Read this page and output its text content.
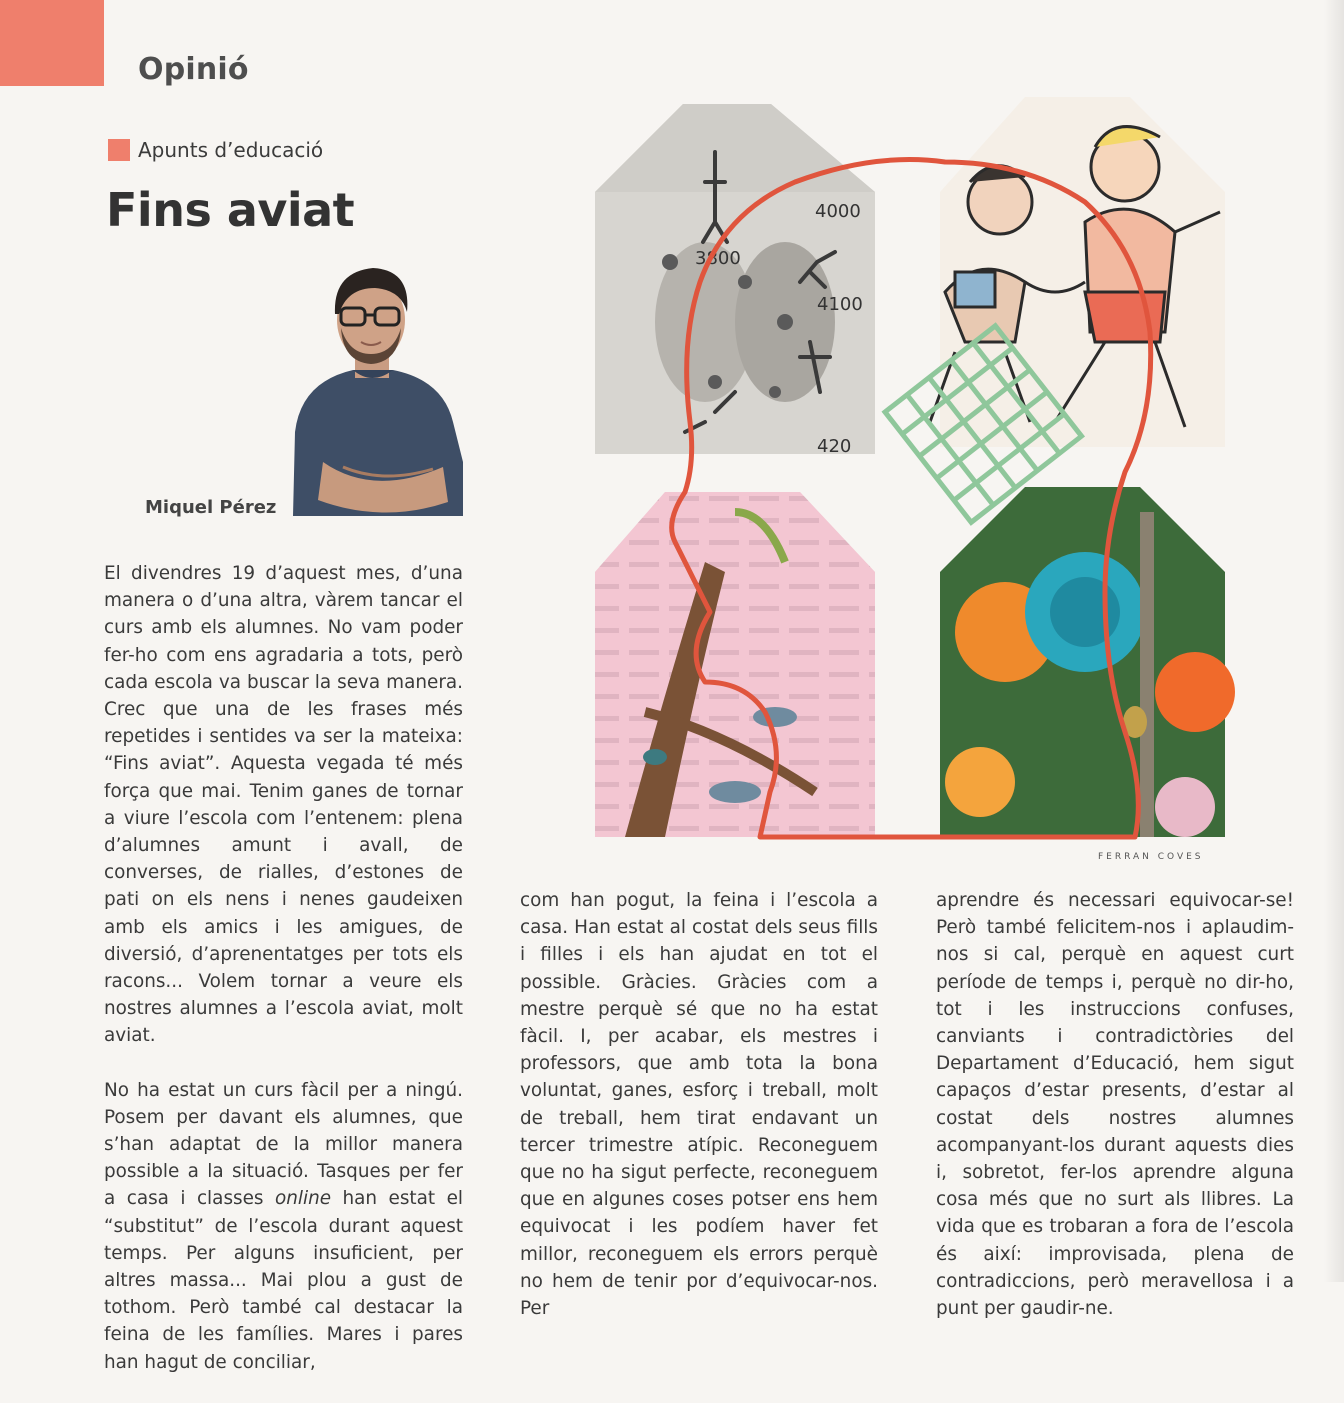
Opinió
Apunts d’educació
Fins aviat
Miquel Pérez

El divendres 19 d’aquest mes, d’una manera o d’una altra, vàrem tancar el curs amb els alumnes. No vam poder fer-ho com ens agradaria a tots, però cada escola va buscar la seva manera. Crec que una de les frases més repetides i sentides va ser la mateixa: “Fins aviat”. Aquesta vegada té més força que mai. Tenim ganes de tornar a viure l’escola com l’entenem: plena d’alumnes amunt i avall, de converses, de rialles, d’estones de pati on els nens i nenes gaudeixen amb els amics i les amigues, de diversió, d’aprenentatges per tots els racons... Volem tornar a veure els nostres alumnes a l’escola aviat, molt aviat.

No ha estat un curs fàcil per a ningú. Posem per davant els alumnes, que s’han adaptat de la millor manera possible a la situació. Tasques per fer a casa i classes online han estat el “substitut” de l’escola durant aquest temps. Per alguns insuficient, per altres massa... Mai plou a gust de tothom. Però també cal destacar la feina de les famílies. Mares i pares han hagut de conciliar,

4000
3800
4100
420
FERRAN COVES

com han pogut, la feina i l’escola a casa. Han estat al costat dels seus fills i filles i els han ajudat en tot el possible. Gràcies. Gràcies com a mestre perquè sé que no ha estat fàcil. I, per acabar, els mestres i professors, que amb tota la bona voluntat, ganes, esforç i treball, molt de treball, hem tirat endavant un tercer trimestre atípic. Reconeguem que no ha sigut perfecte, reconeguem que en algunes coses potser ens hem equivocat i les podíem haver fet millor, reconeguem els errors perquè no hem de tenir por d’equivocar-nos. Per

aprendre és necessari equivocar-se! Però també felicitem-nos i aplaudim-nos si cal, perquè en aquest curt període de temps i, perquè no dir-ho, tot i les instruccions confuses, canviants i contradictòries del Departament d’Educació, hem sigut capaços d’estar presents, d’estar al costat dels nostres alumnes acompanyant-los durant aquests dies i, sobretot, fer-los aprendre alguna cosa més que no surt als llibres. La vida que es trobaran a fora de l’escola és així: improvisada, plena de contradiccions, però meravellosa i a punt per gaudir-ne.
